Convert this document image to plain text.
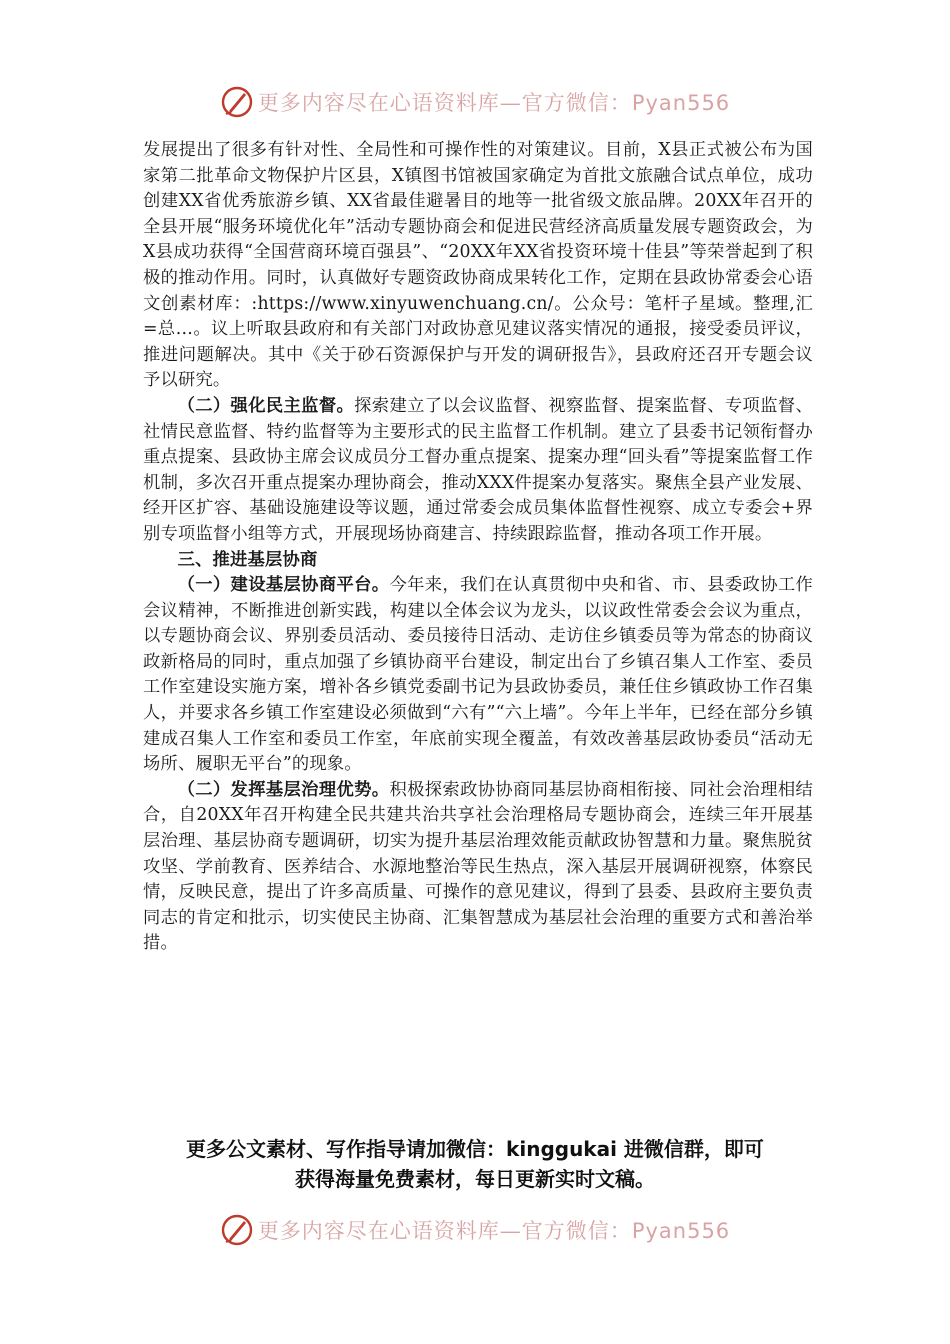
更多内容尽在心语资料库—官方微信：Pyan556

发展提出了很多有针对性、全局性和可操作性的对策建议。目前，X县正式被公布为国家第二批革命文物保护片区县，X镇图书馆被国家确定为首批文旅融合试点单位，成功创建XX省优秀旅游乡镇、XX省最佳避暑目的地等一批省级文旅品牌。20XX年召开的全县开展“服务环境优化年”活动专题协商会和促进民营经济高质量发展专题资政会，为X县成功获得“全国营商环境百强县”、“20XX年XX省投资环境十佳县”等荣誉起到了积极的推动作用。同时，认真做好专题资政协商成果转化工作，定期在县政协常委会心语文创素材库：:https://www.xinyuwenchuang.cn/。公众号：笔杆子星域。整理,汇=总…。议上听取县政府和有关部门对政协意见建议落实情况的通报，接受委员评议，推进问题解决。其中《关于砂石资源保护与开发的调研报告》，县政府还召开专题会议予以研究。

（二）强化民主监督。探索建立了以会议监督、视察监督、提案监督、专项监督、社情民意监督、特约监督等为主要形式的民主监督工作机制。建立了县委书记领衔督办重点提案、县政协主席会议成员分工督办重点提案、提案办理“回头看”等提案监督工作机制，多次召开重点提案办理协商会，推动XXX件提案办复落实。聚焦全县产业发展、经开区扩容、基础设施建设等议题，通过常委会成员集体监督性视察、成立专委会+界别专项监督小组等方式，开展现场协商建言、持续跟踪监督，推动各项工作开展。

三、推进基层协商

（一）建设基层协商平台。今年来，我们在认真贯彻中央和省、市、县委政协工作会议精神，不断推进创新实践，构建以全体会议为龙头，以议政性常委会会议为重点，以专题协商会议、界别委员活动、委员接待日活动、走访住乡镇委员等为常态的协商议政新格局的同时，重点加强了乡镇协商平台建设，制定出台了乡镇召集人工作室、委员工作室建设实施方案，增补各乡镇党委副书记为县政协委员，兼任住乡镇政协工作召集人，并要求各乡镇工作室建设必须做到“六有”“六上墙”。今年上半年，已经在部分乡镇建成召集人工作室和委员工作室，年底前实现全覆盖，有效改善基层政协委员“活动无场所、履职无平台”的现象。

（二）发挥基层治理优势。积极探索政协协商同基层协商相衔接、同社会治理相结合，自20XX年召开构建全民共建共治共享社会治理格局专题协商会，连续三年开展基层治理、基层协商专题调研，切实为提升基层治理效能贡献政协智慧和力量。聚焦脱贫攻坚、学前教育、医养结合、水源地整治等民生热点，深入基层开展调研视察，体察民情，反映民意，提出了许多高质量、可操作的意见建议，得到了县委、县政府主要负责同志的肯定和批示，切实使民主协商、汇集智慧成为基层社会治理的重要方式和善治举措。

更多公文素材、写作指导请加微信：kinggukai 进微信群，即可

获得海量免费素材，每日更新实时文稿。

更多内容尽在心语资料库—官方微信：Pyan556
